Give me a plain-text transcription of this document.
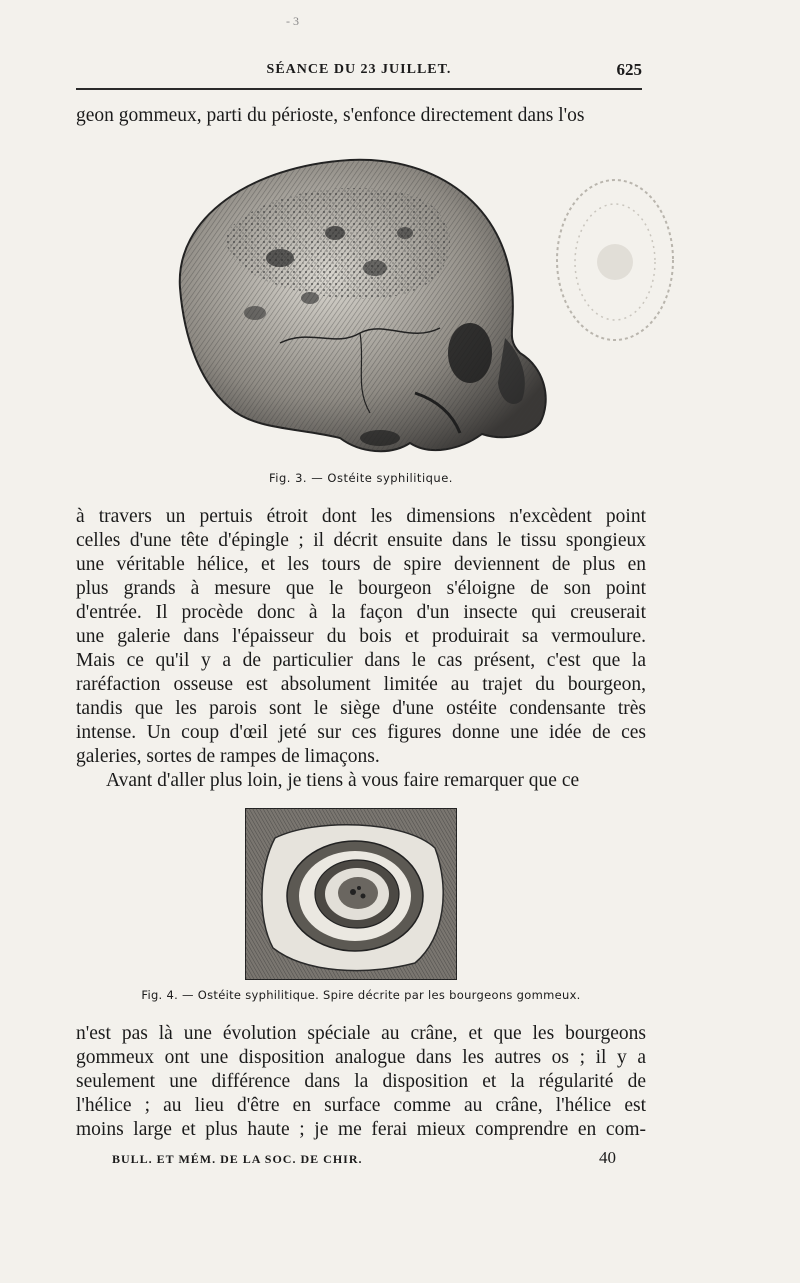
- 3
SÉANCE DU 23 JUILLET.	625
geon gommeux, parti du périoste, s'enfonce directement dans l'os
Fig. 3. — Ostéite syphilitique.
à travers un pertuis étroit dont les dimensions n'excèdent point
celles d'une tête d'épingle ; il décrit ensuite dans le tissu spongieux
une véritable hélice, et les tours de spire deviennent de plus en
plus grands à mesure que le bourgeon s'éloigne de son point
d'entrée. Il procède donc à la façon d'un insecte qui creuserait
une galerie dans l'épaisseur du bois et produirait sa vermoulure.
Mais ce qu'il y a de particulier dans le cas présent, c'est que la
raréfaction osseuse est absolument limitée au trajet du bourgeon,
tandis que les parois sont le siège d'une ostéite condensante très
intense. Un coup d'œil jeté sur ces figures donne une idée de ces
galeries, sortes de rampes de limaçons.
Avant d'aller plus loin, je tiens à vous faire remarquer que ce
Fig. 4. — Ostéite syphilitique. Spire décrite par les bourgeons gommeux.
n'est pas là une évolution spéciale au crâne, et que les bourgeons
gommeux ont une disposition analogue dans les autres os ; il y a
seulement une différence dans la disposition et la régularité de
l'hélice ; au lieu d'être en surface comme au crâne, l'hélice est
moins large et plus haute ; je me ferai mieux comprendre en com-
BULL. ET MÉM. DE LA SOC. DE CHIR.	40
